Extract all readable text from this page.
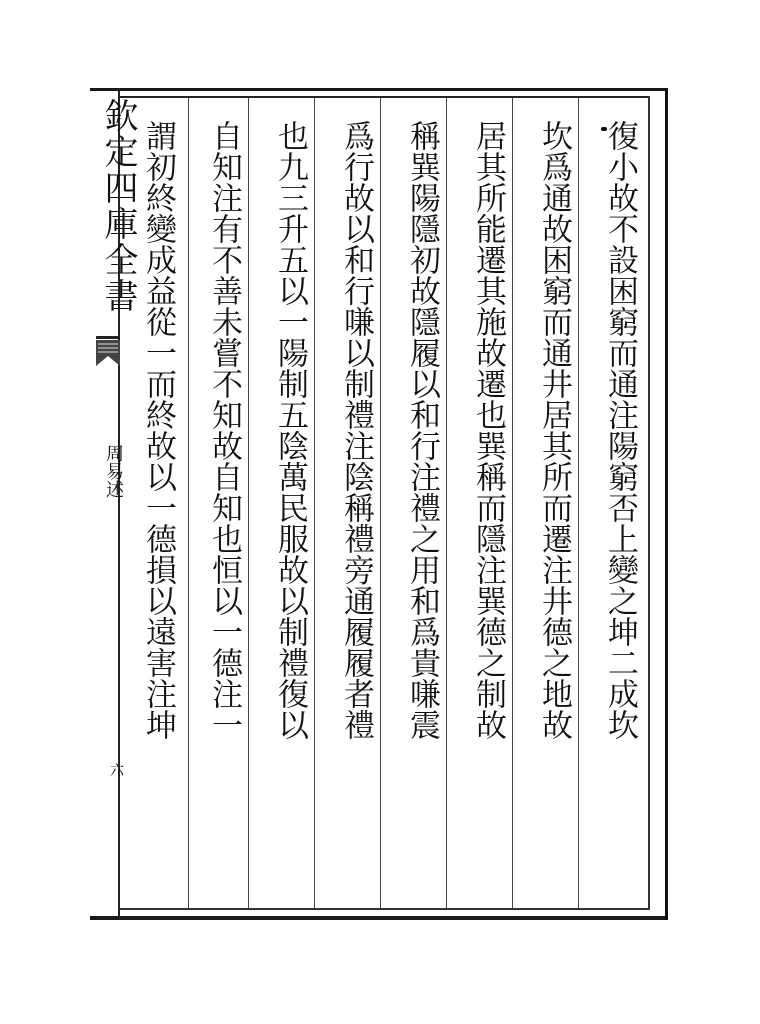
欽定四庫全書
周易述
六
復小故不設困窮而通注陽窮否上變之坤二成坎
坎爲通故困窮而通井居其所而遷注井德之地故
居其所能遷其施故遷也巽稱而隱注巽德之制故
稱巽陽隱初故隱履以和行注禮之用和爲貴嗛震
爲行故以和行嗛以制禮注陰稱禮旁通履履者禮
也九三升五以一陽制五陰萬民服故以制禮復以
自知注有不善未嘗不知故自知也恒以一德注一
謂初終變成益從一而終故以一德損以遠害注坤
